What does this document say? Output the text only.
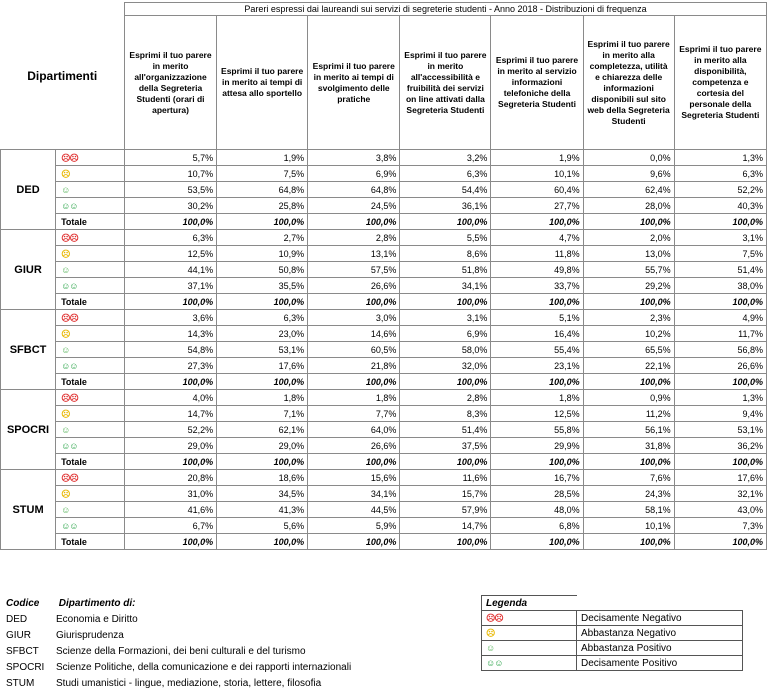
Dipartimenti		Pareri espressi dai laureandi sui servizi di segreterie studenti - Anno 2018 - Distribuzioni di frequenza						
		Esprimi il tuo parere in merito all'organizzazione della Segreteria Studenti (orari di apertura)	Esprimi il tuo parere in merito ai tempi di attesa allo sportello	Esprimi il tuo parere in merito ai tempi di svolgimento delle pratiche	Esprimi il tuo parere in merito all'accessibilità e fruibilità dei servizi on line attivati dalla Segreteria Studenti	Esprimi il tuo parere in merito al servizio informazioni telefoniche della Segreteria Studenti	Esprimi il tuo parere in merito alla completezza, utilità e chiarezza delle informazioni disponibili sul sito web della Segreteria Studenti	Esprimi il tuo parere in merito alla disponibilità, competenza e cortesia del personale della Segreteria Studenti
DED	☹☹	5,7%	1,9%	3,8%	3,2%	1,9%	0,0%	1,3%
	☹	10,7%	7,5%	6,9%	6,3%	10,1%	9,6%	6,3%
	☺	53,5%	64,8%	64,8%	54,4%	60,4%	62,4%	52,2%
	☺☺	30,2%	25,8%	24,5%	36,1%	27,7%	28,0%	40,3%
	Totale	100,0%	100,0%	100,0%	100,0%	100,0%	100,0%	100,0%
GIUR	☹☹	6,3%	2,7%	2,8%	5,5%	4,7%	2,0%	3,1%
	☹	12,5%	10,9%	13,1%	8,6%	11,8%	13,0%	7,5%
	☺	44,1%	50,8%	57,5%	51,8%	49,8%	55,7%	51,4%
	☺☺	37,1%	35,5%	26,6%	34,1%	33,7%	29,2%	38,0%
	Totale	100,0%	100,0%	100,0%	100,0%	100,0%	100,0%	100,0%
SFBCT	☹☹	3,6%	6,3%	3,0%	3,1%	5,1%	2,3%	4,9%
	☹	14,3%	23,0%	14,6%	6,9%	16,4%	10,2%	11,7%
	☺	54,8%	53,1%	60,5%	58,0%	55,4%	65,5%	56,8%
	☺☺	27,3%	17,6%	21,8%	32,0%	23,1%	22,1%	26,6%
	Totale	100,0%	100,0%	100,0%	100,0%	100,0%	100,0%	100,0%
SPOCRI	☹☹	4,0%	1,8%	1,8%	2,8%	1,8%	0,9%	1,3%
	☹	14,7%	7,1%	7,7%	8,3%	12,5%	11,2%	9,4%
	☺	52,2%	62,1%	64,0%	51,4%	55,8%	56,1%	53,1%
	☺☺	29,0%	29,0%	26,6%	37,5%	29,9%	31,8%	36,2%
	Totale	100,0%	100,0%	100,0%	100,0%	100,0%	100,0%	100,0%
STUM	☹☹	20,8%	18,6%	15,6%	11,6%	16,7%	7,6%	17,6%
	☹	31,0%	34,5%	34,1%	15,7%	28,5%	24,3%	32,1%
	☺	41,6%	41,3%	44,5%	57,9%	48,0%	58,1%	43,0%
	☺☺	6,7%	5,6%	5,9%	14,7%	6,8%	10,1%	7,3%
	Totale	100,0%	100,0%	100,0%	100,0%	100,0%	100,0%	100,0%
Codice Dipartimento di:
DED	Economia e Diritto
GIUR	Giurisprudenza
SFBCT Scienze della Formazioni, dei beni culturali e del turismo
SPOCRI Scienze Politiche, della comunicazione e dei rapporti internazionali
STUM Studi umanistici - lingue, mediazione, storia, lettere, filosofia
Legenda	
☹☹	Decisamente Negativo
☹	Abbastanza Negativo
☺	Abbastanza Positivo
☺☺	Decisamente Positivo
